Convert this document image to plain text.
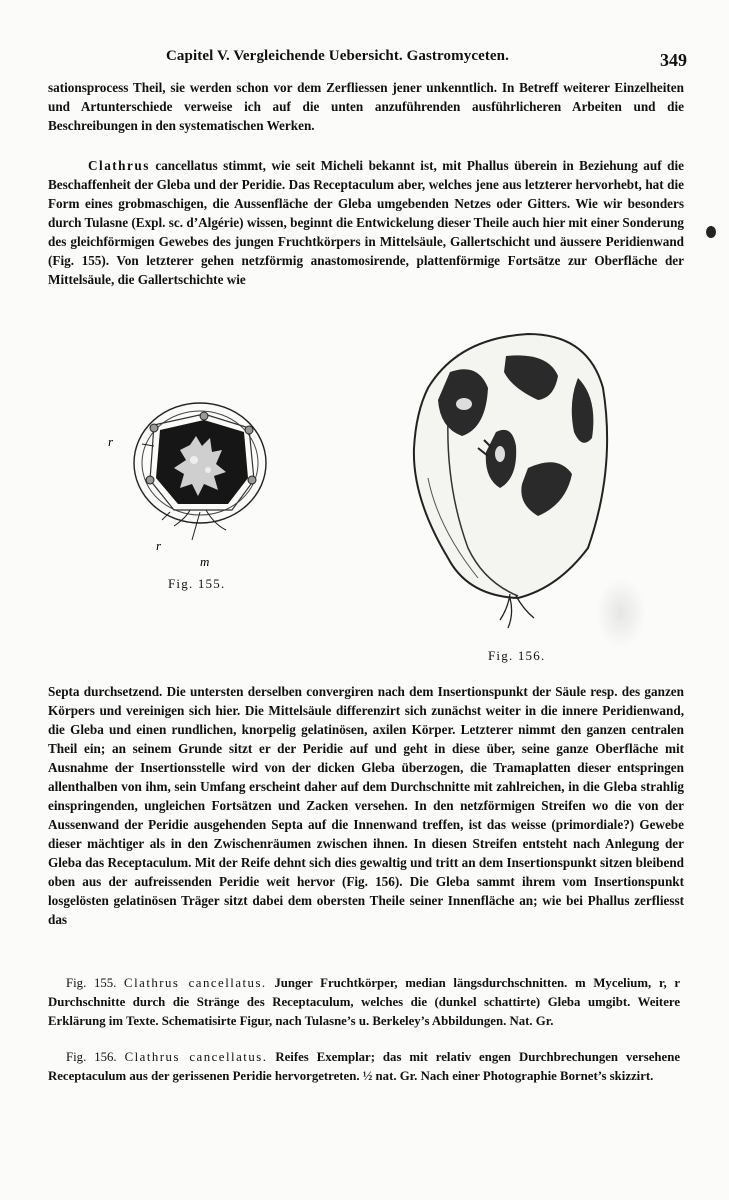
Capitel V. Vergleichende Uebersicht. Gastromyceten.	349

sationsprocess Theil, sie werden schon vor dem Zerfliessen jener unkenntlich. In Betreff weiterer Einzelheiten und Artunterschiede verweise ich auf die unten anzuführenden ausführlicheren Arbeiten und die Beschreibungen in den systematischen Werken.

Clathrus cancellatus stimmt, wie seit Micheli bekannt ist, mit Phallus überein in Beziehung auf die Beschaffenheit der Gleba und der Peridie. Das Receptaculum aber, welches jene aus letzterer hervorhebt, hat die Form eines grobmaschigen, die Aussenfläche der Gleba umgebenden Netzes oder Gitters. Wie wir besonders durch Tulasne (Expl. sc. d’Algérie) wissen, beginnt die Entwickelung dieser Theile auch hier mit einer Sonderung des gleichförmigen Gewebes des jungen Fruchtkörpers in Mittelsäule, Gallertschicht und äussere Peridienwand (Fig. 155). Von letzterer gehen netzförmig anastomosirende, plattenförmige Fortsätze zur Oberfläche der Mittelsäule, die Gallertschichte wie

r
r
m
Fig. 155.
Fig. 156.

Septa durchsetzend. Die untersten derselben convergiren nach dem Insertionspunkt der Säule resp. des ganzen Körpers und vereinigen sich hier. Die Mittelsäule differenzirt sich zunächst weiter in die innere Peridienwand, die Gleba und einen rundlichen, knorpelig gelatinösen, axilen Körper. Letzterer nimmt den ganzen centralen Theil ein; an seinem Grunde sitzt er der Peridie auf und geht in diese über, seine ganze Oberfläche mit Ausnahme der Insertionsstelle wird von der dicken Gleba überzogen, die Tramaplatten dieser entspringen allenthalben von ihm, sein Umfang erscheint daher auf dem Durchschnitte mit zahlreichen, in die Gleba strahlig einspringenden, ungleichen Fortsätzen und Zacken versehen. In den netzförmigen Streifen wo die von der Aussenwand der Peridie ausgehenden Septa auf die Innenwand treffen, ist das weisse (primordiale?) Gewebe dieser mächtiger als in den Zwischenräumen zwischen ihnen. In diesen Streifen entsteht nach Anlegung der Gleba das Receptaculum. Mit der Reife dehnt sich dies gewaltig und tritt an dem Insertionspunkt sitzen bleibend oben aus der aufreissenden Peridie weit hervor (Fig. 156). Die Gleba sammt ihrem vom Insertionspunkt losgelösten gelatinösen Träger sitzt dabei dem obersten Theile seiner Innenfläche an; wie bei Phallus zerfliesst das

Fig. 155. Clathrus cancellatus. Junger Fruchtkörper, median längsdurchschnitten. m Mycelium, r, r Durchschnitte durch die Stränge des Receptaculum, welches die (dunkel schattirte) Gleba umgibt. Weitere Erklärung im Texte. Schematisirte Figur, nach Tulasne’s u. Berkeley’s Abbildungen. Nat. Gr.

Fig. 156. Clathrus cancellatus. Reifes Exemplar; das mit relativ engen Durchbrechungen versehene Receptaculum aus der gerissenen Peridie hervorgetreten. ½ nat. Gr. Nach einer Photographie Bornet’s skizzirt.
